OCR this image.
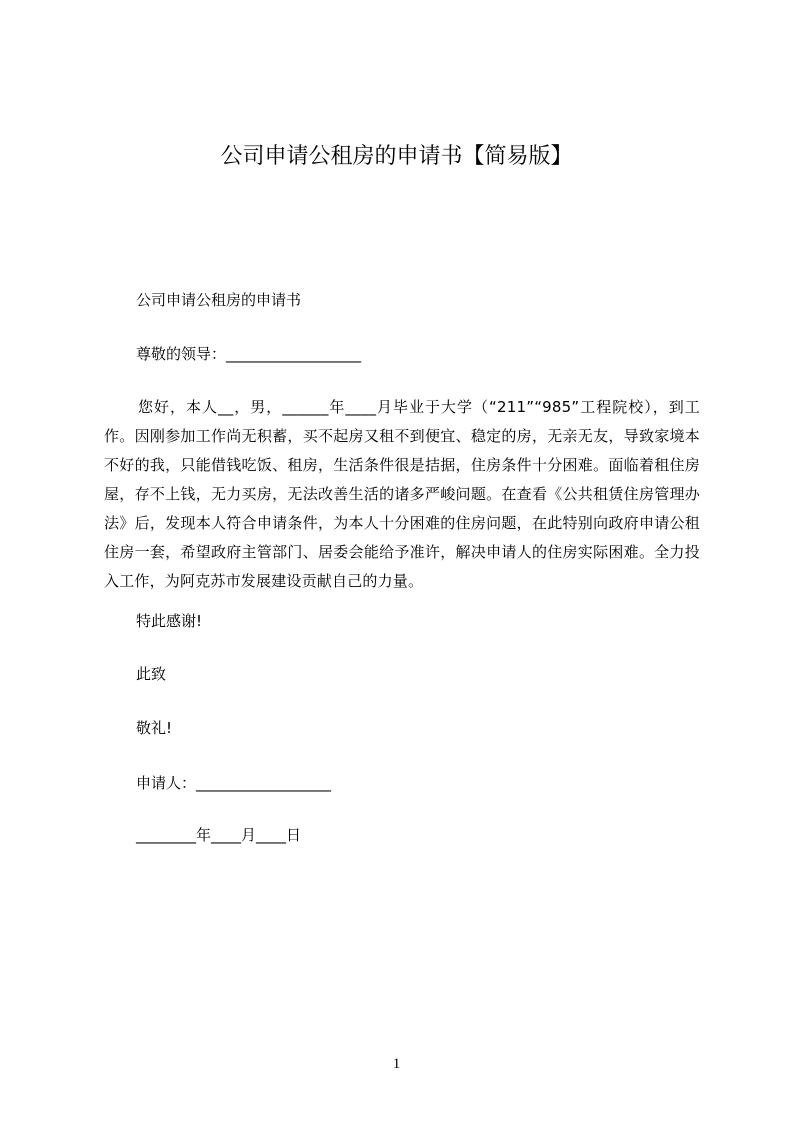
公司申请公租房的申请书【简易版】
公司申请公租房的申请书
尊敬的领导：__________________
您好，本人__，男，______年____月毕业于大学（“211”“985”工程院校），到工作。因刚参加工作尚无积蓄，买不起房又租不到便宜、稳定的房，无亲无友，导致家境本不好的我，只能借钱吃饭、租房，生活条件很是拮据，住房条件十分困难。面临着租住房屋，存不上钱，无力买房，无法改善生活的诸多严峻问题。在查看《公共租赁住房管理办法》后，发现本人符合申请条件，为本人十分困难的住房问题，在此特别向政府申请公租住房一套，希望政府主管部门、居委会能给予准许，解决申请人的住房实际困难。全力投入工作，为阿克苏市发展建设贡献自己的力量。
特此感谢!
此致
敬礼!
申请人：__________________
________年____月____日
1
